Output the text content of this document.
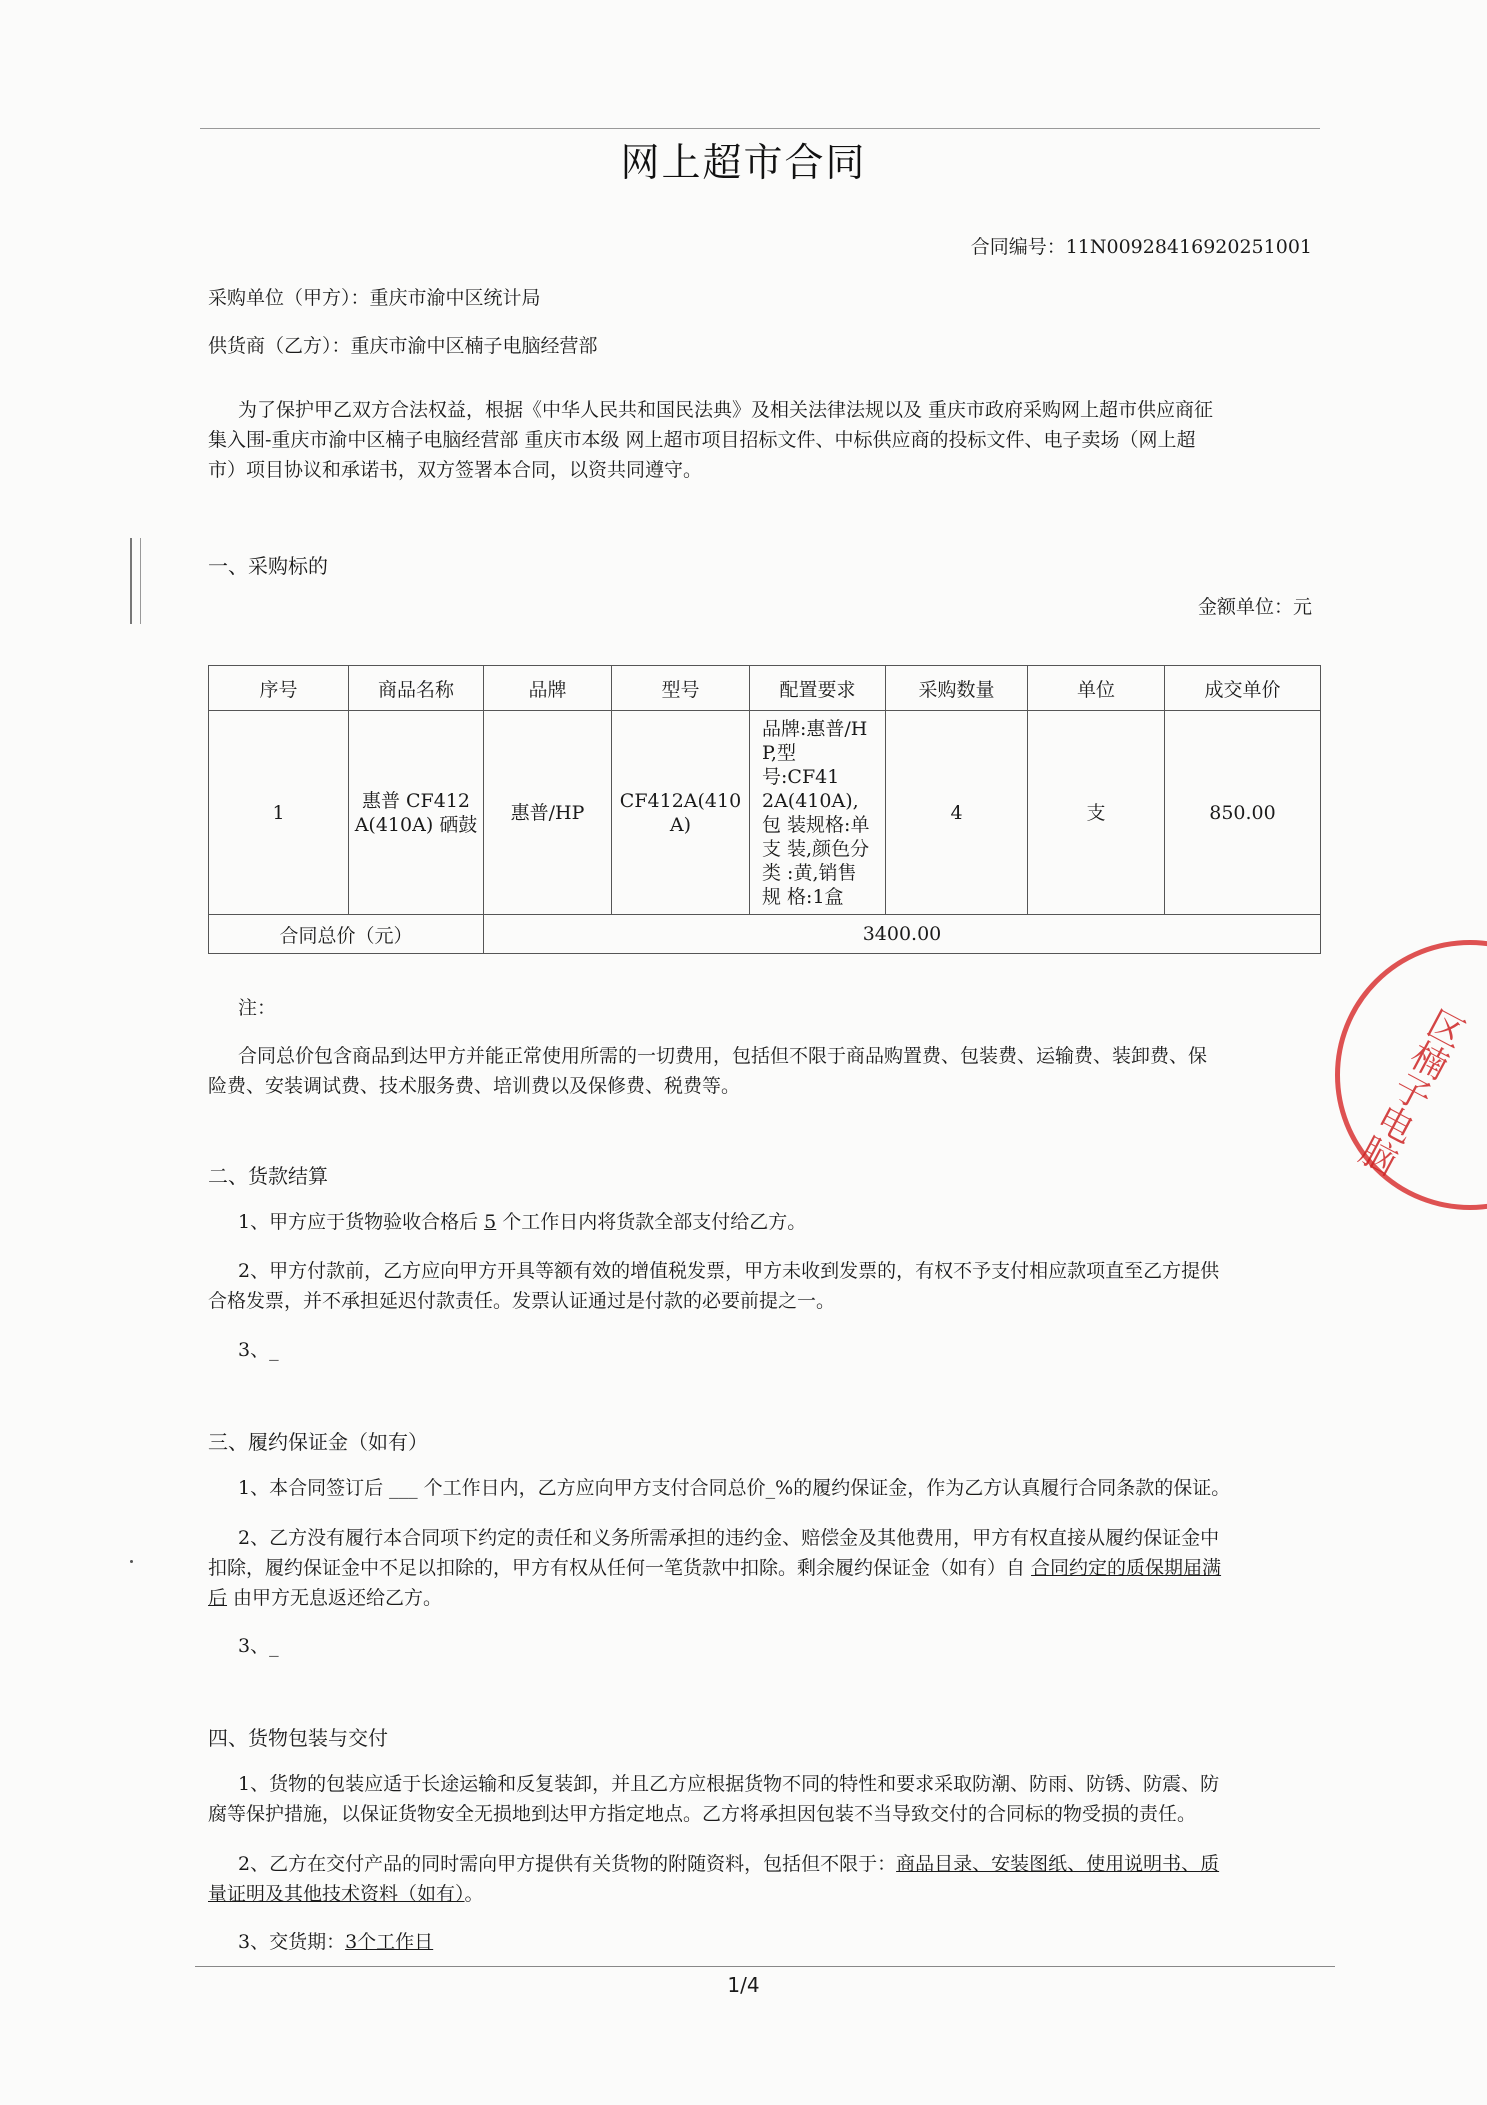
网上超市合同
合同编号：11N00928416920251001
采购单位（甲方）：重庆市渝中区统计局
供货商（乙方）：重庆市渝中区楠子电脑经营部
为了保护甲乙双方合法权益，根据《中华人民共和国民法典》及相关法律法规以及 重庆市政府采购网上超市供应商征
集入围-重庆市渝中区楠子电脑经营部 重庆市本级 网上超市项目招标文件、中标供应商的投标文件、电子卖场（网上超
市）项目协议和承诺书，双方签署本合同，以资共同遵守。
一、采购标的
金额单位：元
序号	商品名称	品牌	型号	配置要求	采购数量	单位	成交单价
1	惠普 CF412 A(410A) 硒鼓	惠普/HP	CF412A(410 A)	品牌:惠普/H P,型号:CF41 2A(410A),包 装规格:单支 装,颜色分类 :黄,销售规 格:1盒	4	支	850.00
合同总价（元）		3400.00					
注：
合同总价包含商品到达甲方并能正常使用所需的一切费用，包括但不限于商品购置费、包装费、运输费、装卸费、保
险费、安装调试费、技术服务费、培训费以及保修费、税费等。	区楠子电脑
二、货款结算
1、甲方应于货物验收合格后 5 个工作日内将货款全部支付给乙方。
2、甲方付款前，乙方应向甲方开具等额有效的增值税发票，甲方未收到发票的，有权不予支付相应款项直至乙方提供
合格发票，并不承担延迟付款责任。发票认证通过是付款的必要前提之一。
3、_
三、履约保证金（如有）
1、本合同签订后 ___ 个工作日内，乙方应向甲方支付合同总价_%的履约保证金，作为乙方认真履行合同条款的保证。
2、乙方没有履行本合同项下约定的责任和义务所需承担的违约金、赔偿金及其他费用，甲方有权直接从履约保证金中
扣除，履约保证金中不足以扣除的，甲方有权从任何一笔货款中扣除。剩余履约保证金（如有）自 合同约定的质保期届满
后 由甲方无息返还给乙方。
3、_
四、货物包装与交付
1、货物的包装应适于长途运输和反复装卸，并且乙方应根据货物不同的特性和要求采取防潮、防雨、防锈、防震、防
腐等保护措施，以保证货物安全无损地到达甲方指定地点。乙方将承担因包装不当导致交付的合同标的物受损的责任。
2、乙方在交付产品的同时需向甲方提供有关货物的附随资料，包括但不限于：商品目录、安装图纸、使用说明书、质
量证明及其他技术资料（如有）。
3、交货期：3个工作日
1/4
